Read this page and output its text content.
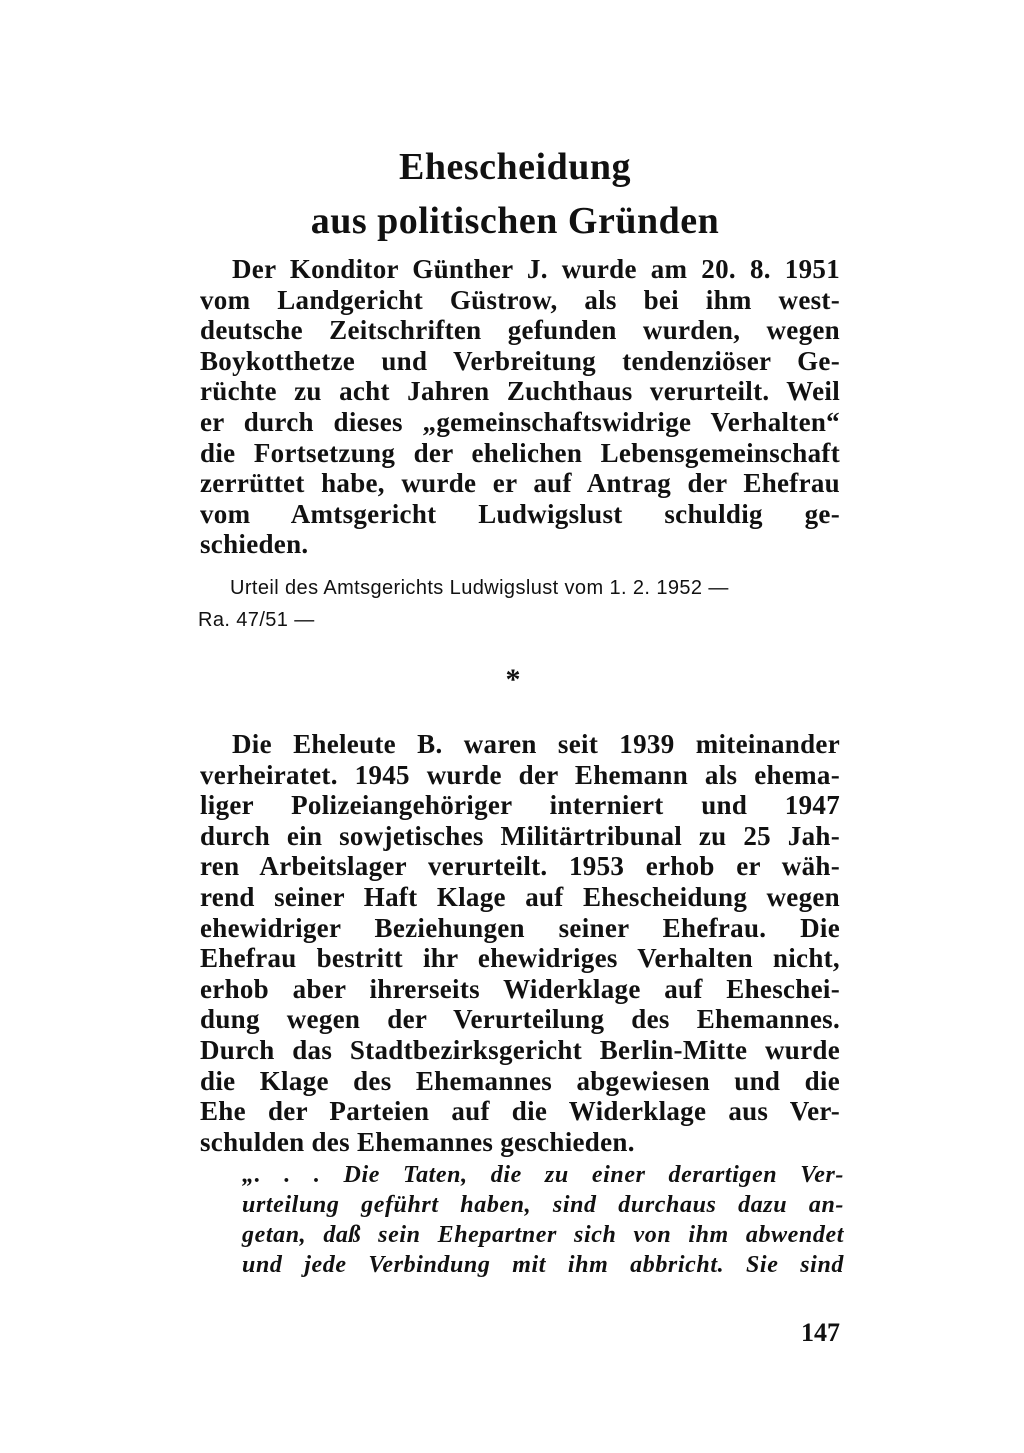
Ehescheidung
aus politischen Gründen
Der Konditor Günther J. wurde am 20. 8. 1951
vom Landgericht Güstrow, als bei ihm west-
deutsche Zeitschriften gefunden wurden, wegen
Boykotthetze und Verbreitung tendenziöser Ge-
rüchte zu acht Jahren Zuchthaus verurteilt. Weil
er durch dieses „gemeinschaftswidrige Verhalten“
die Fortsetzung der ehelichen Lebensgemeinschaft
zerrüttet habe, wurde er auf Antrag der Ehefrau
vom Amtsgericht Ludwigslust schuldig ge-
schieden.
Urteil des Amtsgerichts Ludwigslust vom 1. 2. 1952 —
Ra. 47/51 —
*
Die Eheleute B. waren seit 1939 miteinander
verheiratet. 1945 wurde der Ehemann als ehema-
liger Polizeiangehöriger interniert und 1947
durch ein sowjetisches Militärtribunal zu 25 Jah-
ren Arbeitslager verurteilt. 1953 erhob er wäh-
rend seiner Haft Klage auf Ehescheidung wegen
ehewidriger Beziehungen seiner Ehefrau. Die
Ehefrau bestritt ihr ehewidriges Verhalten nicht,
erhob aber ihrerseits Widerklage auf Eheschei-
dung wegen der Verurteilung des Ehemannes.
Durch das Stadtbezirksgericht Berlin-Mitte wurde
die Klage des Ehemannes abgewiesen und die
Ehe der Parteien auf die Widerklage aus Ver-
schulden des Ehemannes geschieden.
„. . . Die Taten, die zu einer derartigen Ver-
urteilung geführt haben, sind durchaus dazu an-
getan, daß sein Ehepartner sich von ihm abwendet
und jede Verbindung mit ihm abbricht. Sie sind
147
